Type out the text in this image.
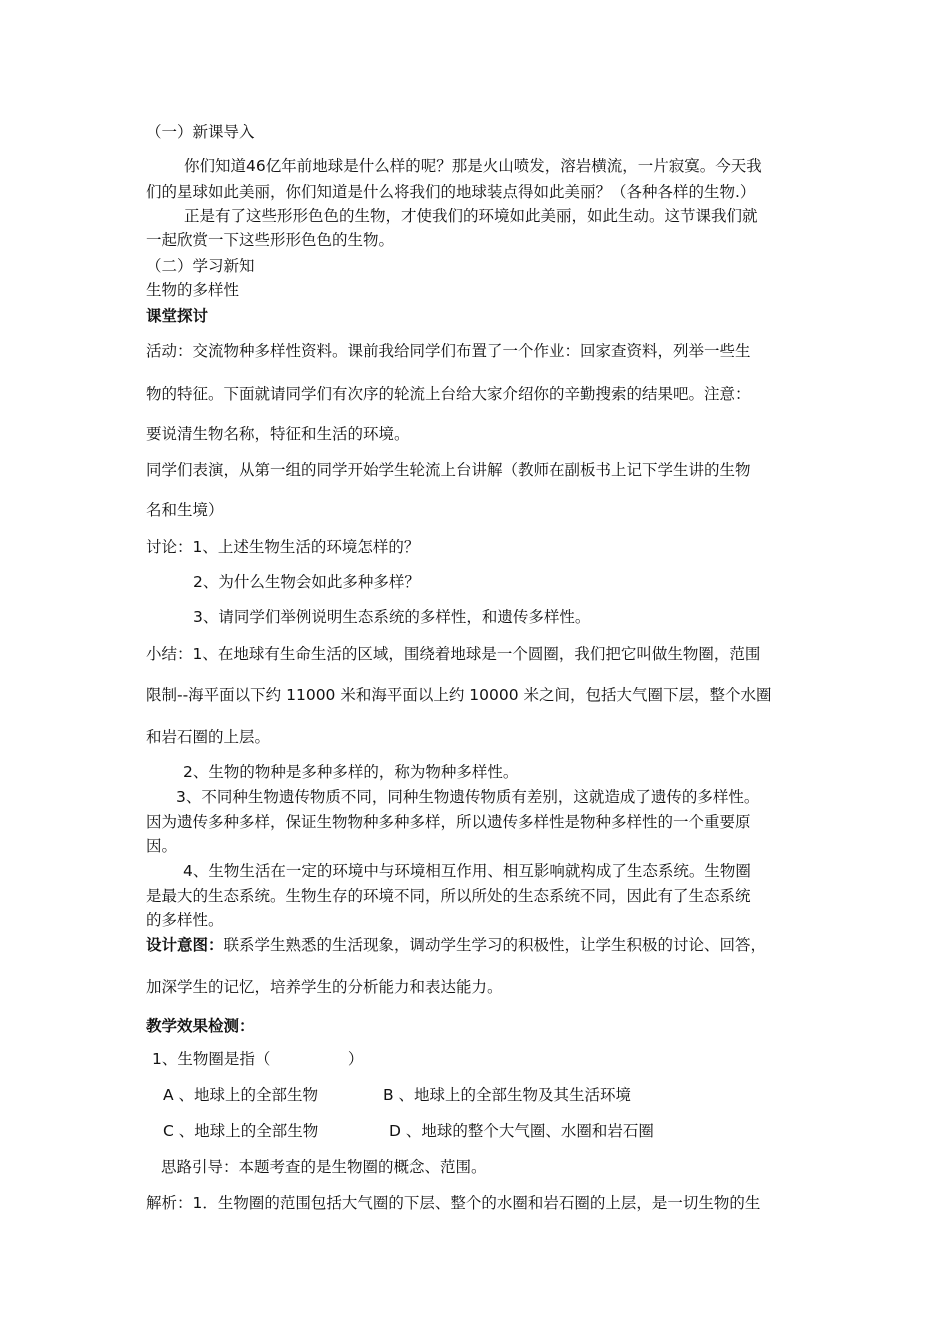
（一）新课导入
你们知道46亿年前地球是什么样的呢？那是火山喷发，溶岩横流，一片寂寞。今天我
们的星球如此美丽，你们知道是什么将我们的地球装点得如此美丽？（各种各样的生物.）
正是有了这些形形色色的生物，才使我们的环境如此美丽，如此生动。这节课我们就
一起欣赏一下这些形形色色的生物。
（二）学习新知
生物的多样性
课堂探讨
活动：交流物种多样性资料。课前我给同学们布置了一个作业：回家查资料，列举一些生
物的特征。下面就请同学们有次序的轮流上台给大家介绍你的辛勤搜索的结果吧。注意：
要说清生物名称，特征和生活的环境。
同学们表演，从第一组的同学开始学生轮流上台讲解（教师在副板书上记下学生讲的生物
名和生境）
讨论：1、上述生物生活的环境怎样的？
2、为什么生物会如此多种多样？
3、请同学们举例说明生态系统的多样性，和遗传多样性。
小结：1、在地球有生命生活的区域，围绕着地球是一个圆圈，我们把它叫做生物圈，范围
限制--海平面以下约 11000 米和海平面以上约 10000 米之间，包括大气圈下层，整个水圈
和岩石圈的上层。
2、生物的物种是多种多样的，称为物种多样性。
3、不同种生物遗传物质不同，同种生物遗传物质有差别，这就造成了遗传的多样性。
因为遗传多种多样，保证生物物种多种多样，所以遗传多样性是物种多样性的一个重要原
因。
4、生物生活在一定的环境中与环境相互作用、相互影响就构成了生态系统。生物圈
是最大的生态系统。生物生存的环境不同，所以所处的生态系统不同，因此有了生态系统
的多样性。
设计意图：联系学生熟悉的生活现象，调动学生学习的积极性，让学生积极的讨论、回答，
加深学生的记忆，培养学生的分析能力和表达能力。
教学效果检测：
1、生物圈是指（　　　　　）
A 、地球上的全部生物	B 、地球上的全部生物及其生活环境
C 、地球上的全部生物	D 、地球的整个大气圈、水圈和岩石圈
思路引导：本题考查的是生物圈的概念、范围。
解析：1．生物圈的范围包括大气圈的下层、整个的水圈和岩石圈的上层，是一切生物的生
